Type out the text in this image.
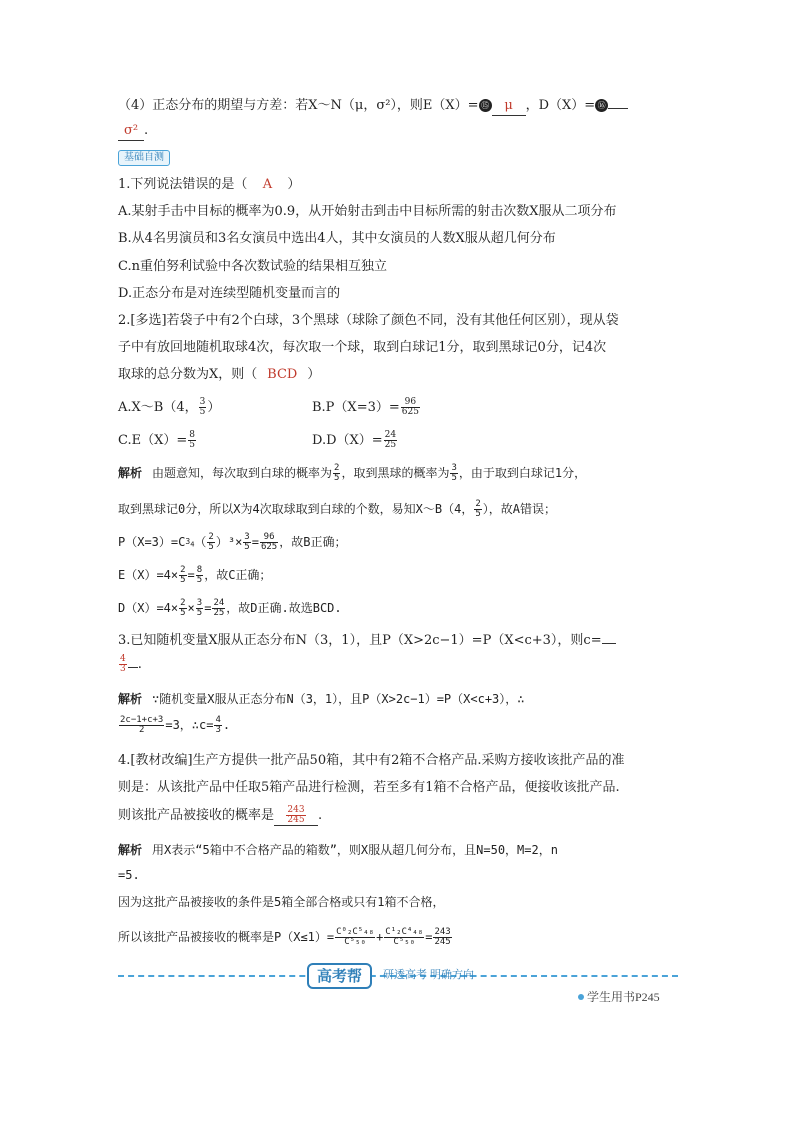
（4）正态分布的期望与方差：若X～N（μ，σ²），则E（X）= ⑮ μ ，D（X）= ⑯
σ² .
基础自测
1.下列说法错误的是（ A ）
A.某射手击中目标的概率为0.9，从开始射击到击中目标所需的射击次数X服从二项分布
B.从4名男演员和3名女演员中选出4人，其中女演员的人数X服从超几何分布
C.n重伯努利试验中各次数试验的结果相互独立
D.正态分布是对连续型随机变量而言的
2.[多选]若袋子中有2个白球，3个黑球（球除了颜色不同，没有其他任何区别），现从袋
子中有放回地随机取球4次，每次取一个球，取到白球记1分，取到黑球记0分，记4次
取球的总分数为X，则（ BCD ）
A.X～B（4， $\frac{3}{5}$ ）	$B.P(X=3)= \frac{96}{625}$
$C.E(X)= \frac{8}{5}$	$D.D(X)= \frac{24}{25}$
解析 由题意知，每次取到白球的概率为 $\frac{2}{5}$ ，取到黑球的概率为 $\frac{3}{5}$ ，由于取到白球记1分，
取到黑球记0分，所以X为4次取球取到白球的个数，易知X～B（4， $\frac{2}{5}$ ），故A错误；
$P(X=3)=C3_4( \frac{2}{5} )^3\times \frac{3}{5} = \frac{96}{625}$ ，故B正确；
$E(X)=4\times \frac{2}{5} = \frac{8}{5}$ ，故C正确；
$D(X)=4\times \frac{2}{5} \times \frac{3}{5} = \frac{24}{25}$ ，故D正确.故选BCD.
3.已知随机变量X服从正态分布N（3，1），且P（X>2c−1）=P（X<c+3），则c=
$\frac{4}{3}$ .
解析 ∵随机变量X服从正态分布N（3，1），且P（X>2c−1）=P（X<c+3），∴
$\frac{2c-1+c+3}{2} =3$，∴c= $\frac{4}{3}$ .
4.[教材改编]生产方提供一批产品50箱，其中有2箱不合格产品.采购方接收该批产品的准
则是：从该批产品中任取5箱产品进行检测，若至多有1箱不合格产品，便接收该批产品.
则该批产品被接收的概率是 $\frac{243}{245}$ .
解析 用X表示“5箱中不合格产品的箱数”，则X服从超几何分布，且N=50，M=2，n
=5.
因为这批产品被接收的条件是5箱全部合格或只有1箱不合格，
所以该批产品被接收的概率是$P(X\le 1)= \frac{\text{C⁰₂C⁵₄₈}}{\text{C⁵₅₀}} + \frac{\text{C¹₂C⁴₄₈}}{\text{C⁵₅₀}} = \frac{243}{245}$
高考帮	研透高考 明确方向
学生用书P245
